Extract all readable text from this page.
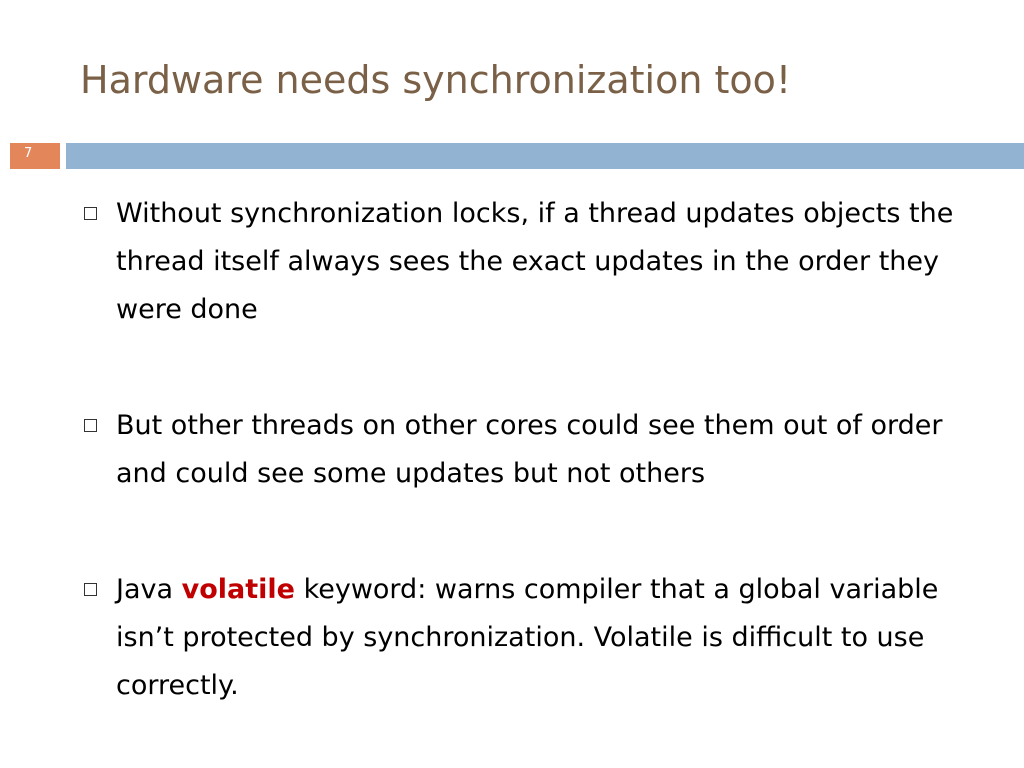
Hardware needs synchronization too!
7
Without synchronization locks, if a thread updates objects the thread itself always sees the exact updates in the order they were done
But other threads on other cores could see them out of order and could see some updates but not others
Java volatile keyword: warns compiler that a global variable isn’t protected by synchronization. Volatile is difficult to use correctly.
